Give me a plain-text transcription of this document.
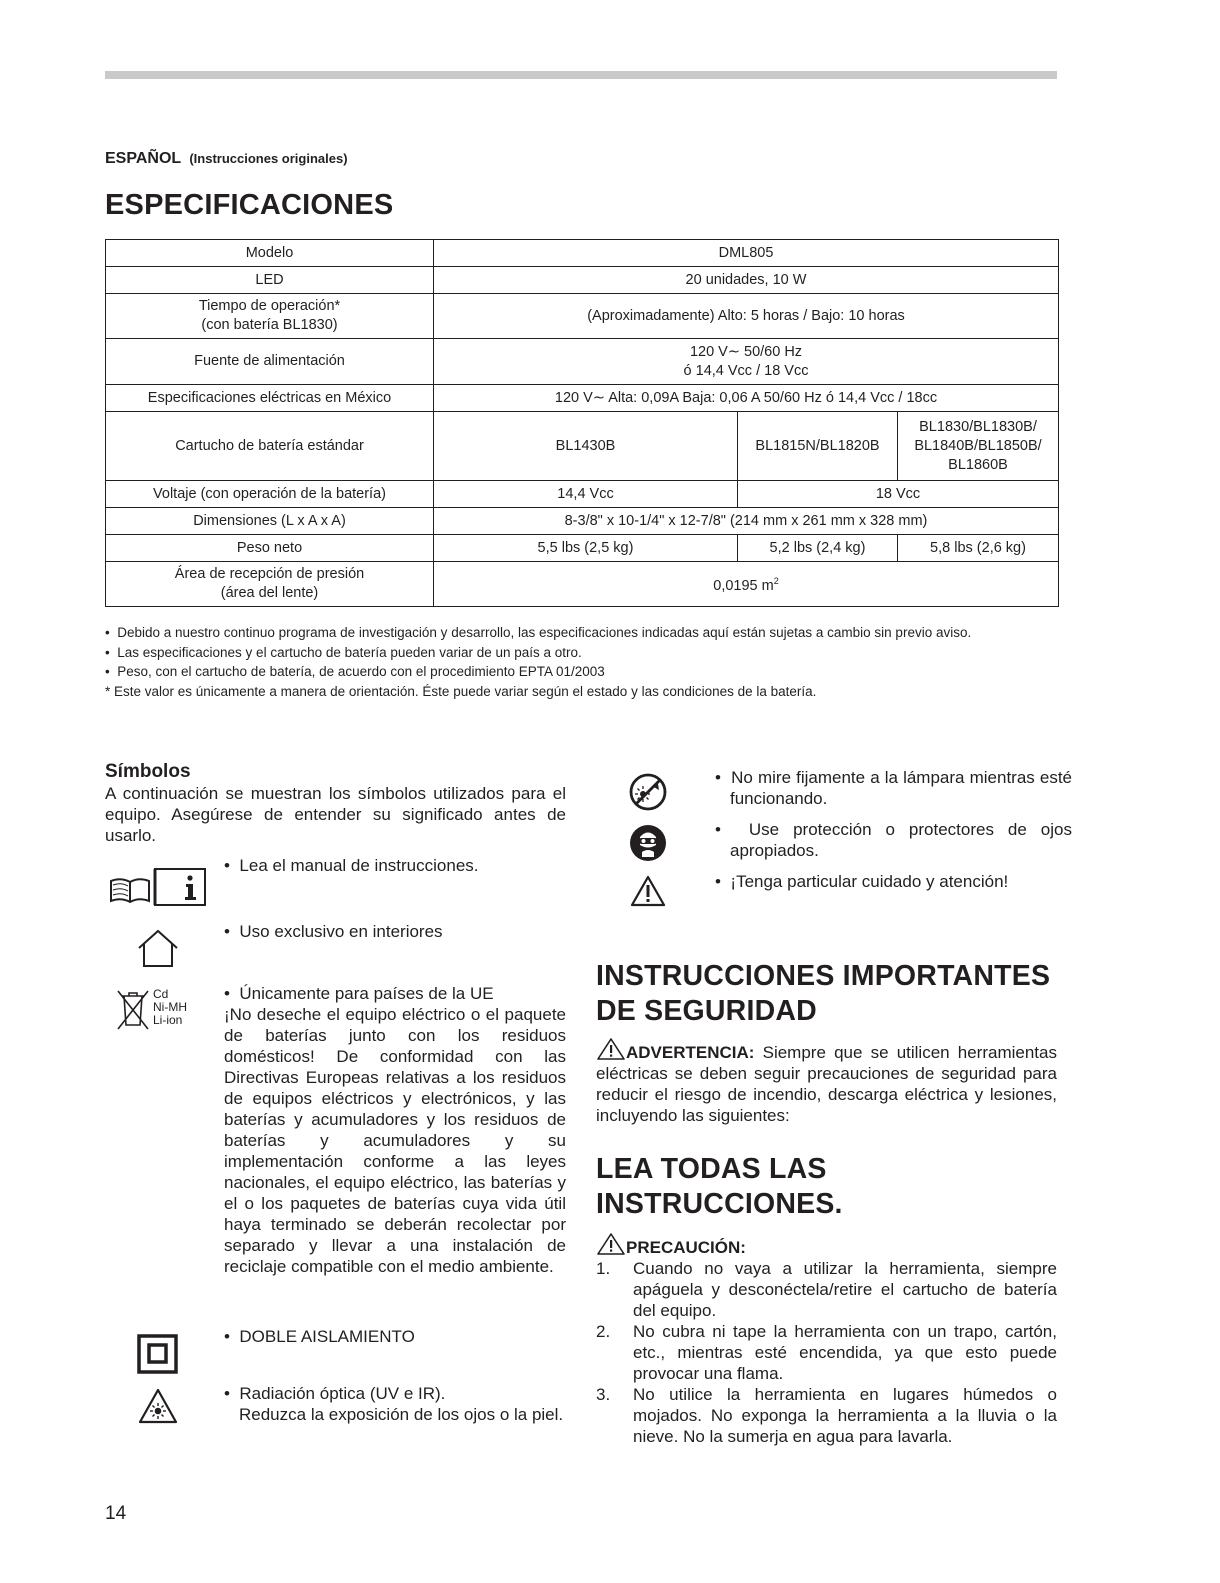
ESPAÑOL (Instrucciones originales)
ESPECIFICACIONES
Modelo	DML805		
LED	20 unidades, 10 W		

Tiempo de operación*
(con batería BL1830)	(Aproximadamente) Alto: 5 horas / Bajo: 10 horas		
Fuente de alimentación	120 V∼ 50/60 Hz
ó 14,4 Vcc / 18 Vcc		

Especificaciones eléctricas en México	120 V∼ Alta: 0,09A Baja: 0,06 A 50/60 Hz ó 14,4 Vcc / 18cc		
Cartucho de batería estándar	BL1430B	BL1815N/BL1820B	BL1830/BL1830B/
BL1840B/BL1850B/
BL1860B

Voltaje (con operación de la batería)	14,4 Vcc	18 Vcc	
Dimensiones (L x A x A)	8-3/8" x 10-1/4" x 12-7/8" (214 mm x 261 mm x 328 mm)		
Peso neto	5,5 lbs (2,5 kg)	5,2 lbs (2,4 kg)	5,8 lbs (2,6 kg)

Área de recepción de presión
(área del lente)	0,0195 $m^2$
•  Debido a nuestro continuo programa de investigación y desarrollo, las especificaciones indicadas aquí están sujetas a cambio sin previo aviso.
•  Las especificaciones y el cartucho de batería pueden variar de un país a otro.
•  Peso, con el cartucho de batería, de acuerdo con el procedimiento EPTA 01/2003
* Este valor es únicamente a manera de orientación. Éste puede variar según el estado y las condiciones de la batería.
Símbolos

A continuación se muestran los símbolos utilizados para el equipo. Asegúrese de entender su significado antes de usarlo.

•  Lea el manual de instrucciones.
•  Uso exclusivo en interiores
Cd
Ni-MH
Li-ion
•  Únicamente para países de la UE
¡No deseche el equipo eléctrico o el paquete de baterías junto con los residuos domésticos! De conformidad con las Directivas Europeas relativas a los residuos de equipos eléctricos y electrónicos, y las baterías y acumuladores y los residuos de baterías y acumuladores y su implementación conforme a las leyes nacionales, el equipo eléctrico, las baterías y el o los paquetes de baterías cuya vida útil haya terminado se deberán recolectar por separado y llevar a una instalación de reciclaje compatible con el medio ambiente.
•  DOBLE AISLAMIENTO
•  Radiación óptica (UV e IR).
Reduzca la exposición de los ojos o la piel.
•  No mire fijamente a la lámpara mientras esté funcionando.
•  Use protección o protectores de ojos apropiados.
•  ¡Tenga particular cuidado y atención!
INSTRUCCIONES IMPORTANTES
DE SEGURIDAD

ADVERTENCIA: Siempre que se utilicen herramientas eléctricas se deben seguir precauciones de seguridad para reducir el riesgo de incendio, descarga eléctrica y lesiones, incluyendo las siguientes:

LEA TODAS LAS
INSTRUCCIONES.
PRECAUCIÓN:
1. Cuando no vaya a utilizar la herramienta, siempre apáguela y desconéctela/retire el cartucho de batería del equipo.
2. No cubra ni tape la herramienta con un trapo, cartón, etc., mientras esté encendida, ya que esto puede provocar una flama.
3. No utilice la herramienta en lugares húmedos o mojados. No exponga la herramienta a la lluvia o la nieve. No la sumerja en agua para lavarla.
14
